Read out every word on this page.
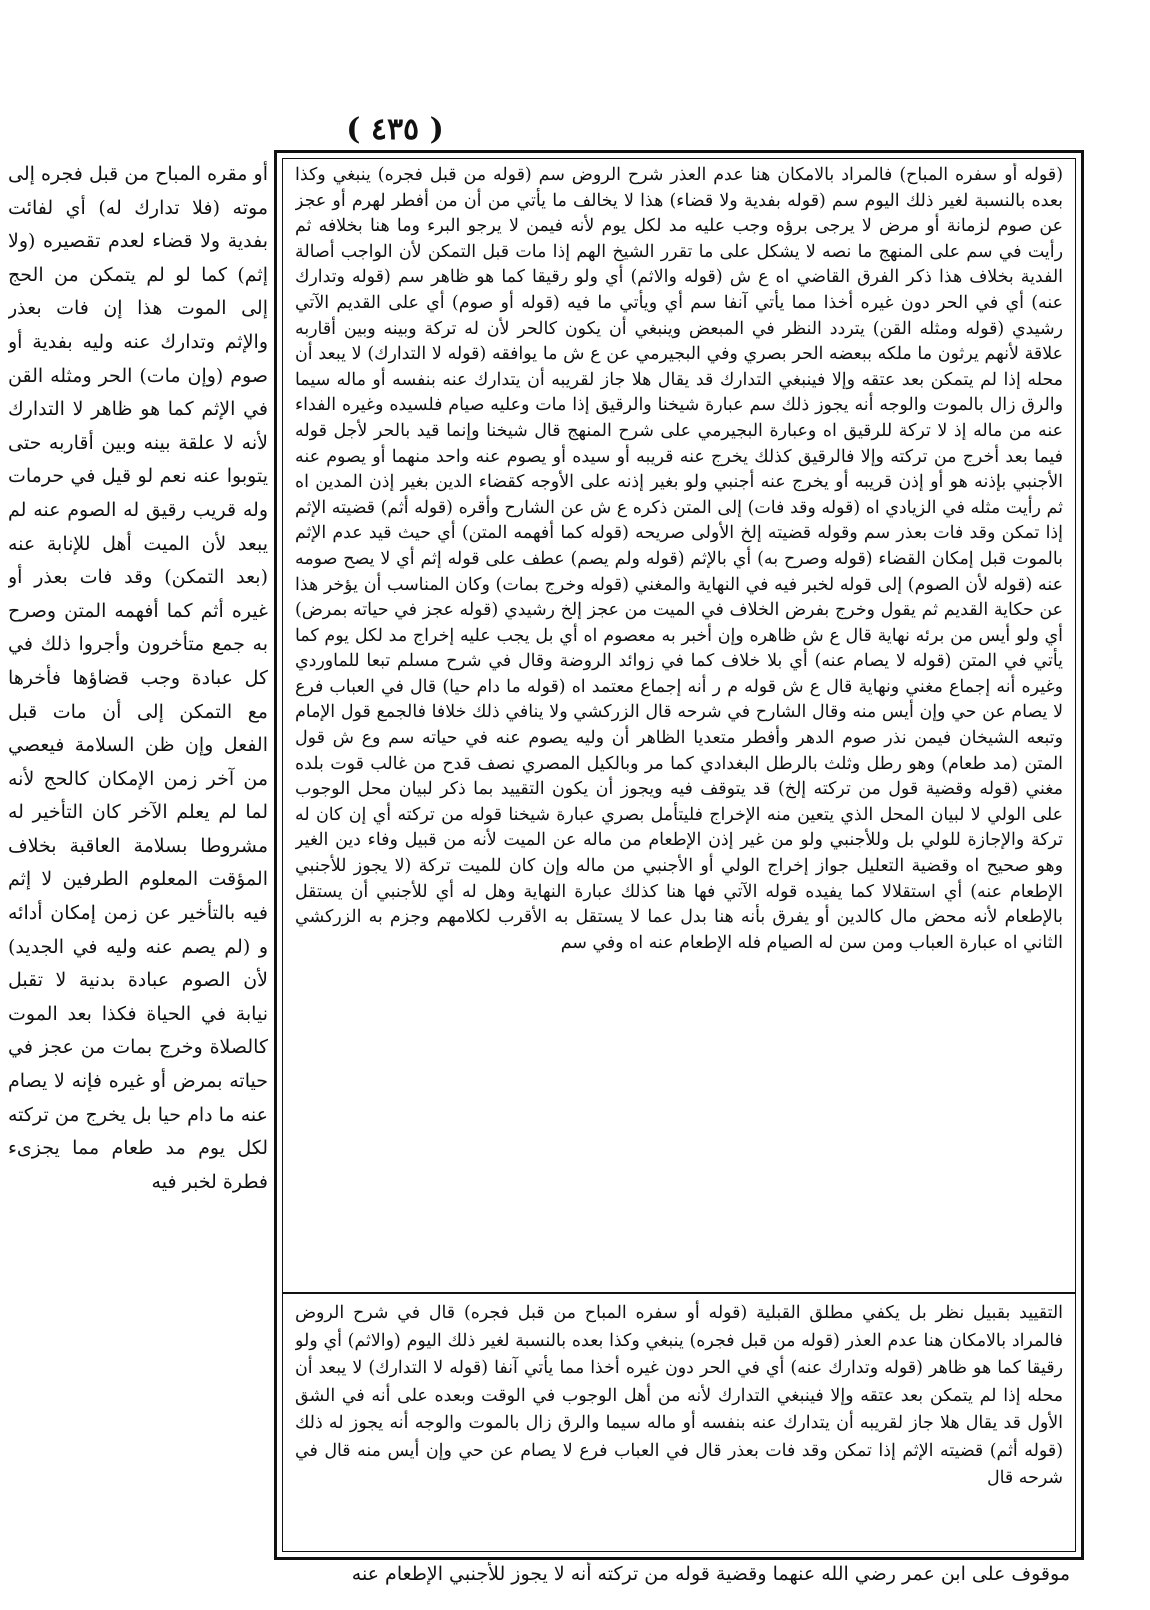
( ٤٣٥ )
(قوله أو سفره المباح) فالمراد بالامكان هنا عدم العذر شرح الروض سم (قوله من قبل فجره) ينبغي وكذا بعده بالنسبة لغير ذلك اليوم سم (قوله بفدية ولا قضاء) هذا لا يخالف ما يأتي من أن من أفطر لهرم أو عجز عن صوم لزمانة أو مرض لا يرجى برؤه وجب عليه مد لكل يوم لأنه فيمن لا يرجو البرء وما هنا بخلافه ثم رأيت في سم على المنهج ما نصه لا يشكل على ما تقرر الشيخ الهم إذا مات قبل التمكن لأن الواجب أصالة الفدية بخلاف هذا ذكر الفرق القاضي اه ع ش (قوله والاثم) أي ولو رقيقا كما هو ظاهر سم (قوله وتدارك عنه) أي في الحر دون غيره أخذا مما يأتي آنفا سم أي ويأتي ما فيه (قوله أو صوم) أي على القديم الآتي رشيدي (قوله ومثله القن) يتردد النظر في المبعض وينبغي أن يكون كالحر لأن له تركة وبينه وبين أقاربه علاقة لأنهم يرثون ما ملكه ببعضه الحر بصري وفي البجيرمي عن ع ش ما يوافقه (قوله لا التدارك) لا يبعد أن محله إذا لم يتمكن بعد عتقه وإلا فينبغي التدارك قد يقال هلا جاز لقريبه أن يتدارك عنه بنفسه أو ماله سيما والرق زال بالموت والوجه أنه يجوز ذلك سم عبارة شيخنا والرقيق إذا مات وعليه صيام فلسيده وغيره الفداء عنه من ماله إذ لا تركة للرقيق اه وعبارة البجيرمي على شرح المنهج قال شيخنا وإنما قيد بالحر لأجل قوله فيما بعد أخرج من تركته وإلا فالرقيق كذلك يخرج عنه قريبه أو سيده أو يصوم عنه واحد منهما أو يصوم عنه الأجنبي بإذنه هو أو إذن قريبه أو يخرج عنه أجنبي ولو بغير إذنه على الأوجه كقضاء الدين بغير إذن المدين اه ثم رأيت مثله في الزيادي اه (قوله وقد فات) إلى المتن ذكره ع ش عن الشارح وأقره (قوله أثم) قضيته الإثم إذا تمكن وقد فات بعذر سم وقوله قضيته إلخ الأولى صريحه (قوله كما أفهمه المتن) أي حيث قيد عدم الإثم بالموت قبل إمكان القضاء (قوله وصرح به) أي بالإثم (قوله ولم يصم) عطف على قوله إثم أي لا يصح صومه عنه (قوله لأن الصوم) إلى قوله لخبر فيه في النهاية والمغني (قوله وخرج بمات) وكان المناسب أن يؤخر هذا عن حكاية القديم ثم يقول وخرج بفرض الخلاف في الميت من عجز إلخ رشيدي (قوله عجز في حياته بمرض) أي ولو أيس من برئه نهاية قال ع ش ظاهره وإن أخبر به معصوم اه أي بل يجب عليه إخراج مد لكل يوم كما يأتي في المتن (قوله لا يصام عنه) أي بلا خلاف كما في زوائد الروضة وقال في شرح مسلم تبعا للماوردي وغيره أنه إجماع مغني ونهاية قال ع ش قوله م ر أنه إجماع معتمد اه (قوله ما دام حيا) قال في العباب فرع لا يصام عن حي وإن أيس منه وقال الشارح في شرحه قال الزركشي ولا ينافي ذلك خلافا فالجمع قول الإمام وتبعه الشيخان فيمن نذر صوم الدهر وأفطر متعديا الظاهر أن وليه يصوم عنه في حياته سم وع ش قول المتن (مد طعام) وهو رطل وثلث بالرطل البغدادي كما مر وبالكيل المصري نصف قدح من غالب قوت بلده مغني (قوله وقضية قول من تركته إلخ) قد يتوقف فيه ويجوز أن يكون التقييد بما ذكر لبيان محل الوجوب على الولي لا لبيان المحل الذي يتعين منه الإخراج فليتأمل بصري عبارة شيخنا قوله من تركته أي إن كان له تركة والإجازة للولي بل وللأجنبي ولو من غير إذن الإطعام من ماله عن الميت لأنه من قبيل وفاء دين الغير وهو صحيح اه وقضية التعليل جواز إخراج الولي أو الأجنبي من ماله وإن كان للميت تركة (لا يجوز للأجنبي الإطعام عنه) أي استقلالا كما يفيده قوله الآتي فها هنا كذلك عبارة النهاية وهل له أي للأجنبي أن يستقل بالإطعام لأنه محض مال كالدين أو يفرق بأنه هنا بدل عما لا يستقل به الأقرب لكلامهم وجزم به الزركشي الثاني اه عبارة العباب ومن سن له الصيام فله الإطعام عنه اه وفي سم
التقييد بقبيل نظر بل يكفي مطلق القبلية (قوله أو سفره المباح من قبل فجره) قال في شرح الروض فالمراد بالامكان هنا عدم العذر (قوله من قبل فجره) ينبغي وكذا بعده بالنسبة لغير ذلك اليوم (والاثم) أي ولو رقيقا كما هو ظاهر (قوله وتدارك عنه) أي في الحر دون غيره أخذا مما يأتي آنفا (قوله لا التدارك) لا يبعد أن محله إذا لم يتمكن بعد عتقه وإلا فينبغي التدارك لأنه من أهل الوجوب في الوقت وبعده على أنه في الشق الأول قد يقال هلا جاز لقريبه أن يتدارك عنه بنفسه أو ماله سيما والرق زال بالموت والوجه أنه يجوز له ذلك (قوله أثم) قضيته الإثم إذا تمكن وقد فات بعذر قال في العباب فرع لا يصام عن حي وإن أيس منه قال في شرحه قال
أو مقره المباح من قبل فجره إلى موته (فلا تدارك له) أي لفائت بفدية ولا قضاء لعدم تقصيره (ولا إثم) كما لو لم يتمكن من الحج إلى الموت هذا إن فات بعذر والإثم وتدارك عنه وليه بفدية أو صوم (وإن مات) الحر ومثله القن في الإثم كما هو ظاهر لا التدارك لأنه لا علقة بينه وبين أقاربه حتى يتوبوا عنه نعم لو قيل في حرمات وله قريب رقيق له الصوم عنه لم يبعد لأن الميت أهل للإنابة عنه (بعد التمكن) وقد فات بعذر أو غيره أثم كما أفهمه المتن وصرح به جمع متأخرون وأجروا ذلك في كل عبادة وجب قضاؤها فأخرها مع التمكن إلى أن مات قبل الفعل وإن ظن السلامة فيعصي من آخر زمن الإمكان كالحج لأنه لما لم يعلم الآخر كان التأخير له مشروطا بسلامة العاقبة بخلاف المؤقت المعلوم الطرفين لا إثم فيه بالتأخير عن زمن إمكان أدائه و (لم يصم عنه وليه في الجديد) لأن الصوم عبادة بدنية لا تقبل نيابة في الحياة فكذا بعد الموت كالصلاة وخرج بمات من عجز في حياته بمرض أو غيره فإنه لا يصام عنه ما دام حيا بل يخرج من تركته لكل يوم مد طعام مما يجزىء فطرة لخبر فيه
موقوف على ابن عمر رضي الله عنهما وقضية قوله من تركته أنه لا يجوز للأجنبي الإطعام عنه
